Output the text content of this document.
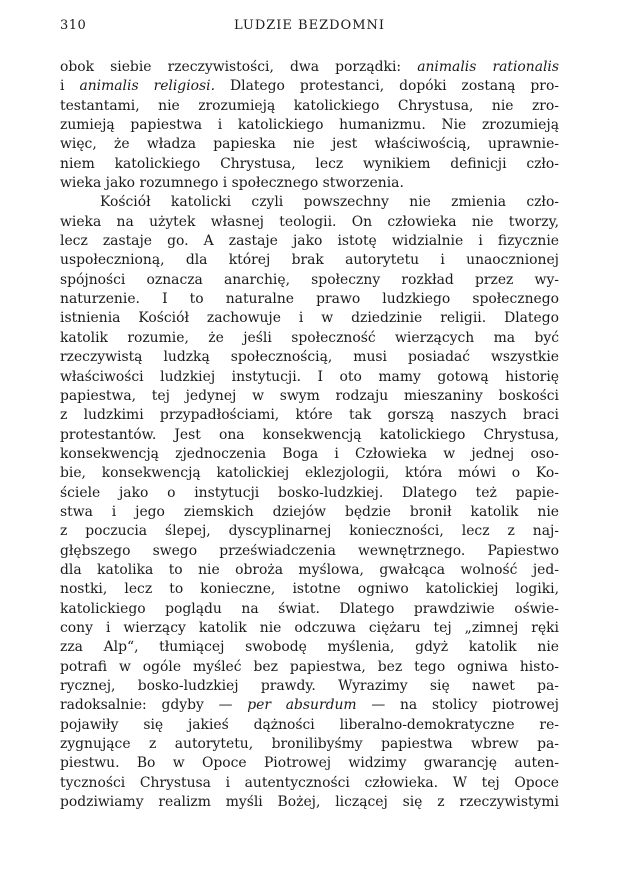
310	LUDZIE BEZDOMNI
obok siebie rzeczywistości, dwa porządki: animalis rationalis
i animalis religiosi. Dlatego protestanci, dopóki zostaną pro-
testantami, nie zrozumieją katolickiego Chrystusa, nie zro-
zumieją papiestwa i katolickiego humanizmu. Nie zrozumieją
więc, że władza papieska nie jest właściwością, uprawnie-
niem katolickiego Chrystusa, lecz wynikiem definicji czło-
wieka jako rozumnego i społecznego stworzenia.
Kościół katolicki czyli powszechny nie zmienia czło-
wieka na użytek własnej teologii. On człowieka nie tworzy,
lecz zastaje go. A zastaje jako istotę widzialnie i fizycznie
uspołecznioną, dla której brak autorytetu i unaocznionej
spójności oznacza anarchię, społeczny rozkład przez wy-
naturzenie. I to naturalne prawo ludzkiego społecznego
istnienia Kościół zachowuje i w dziedzinie religii. Dlatego
katolik rozumie, że jeśli społeczność wierzących ma być
rzeczywistą ludzką społecznością, musi posiadać wszystkie
właściwości ludzkiej instytucji. I oto mamy gotową historię
papiestwa, tej jedynej w swym rodzaju mieszaniny boskości
z ludzkimi przypadłościami, które tak gorszą naszych braci
protestantów. Jest ona konsekwencją katolickiego Chrystusa,
konsekwencją zjednoczenia Boga i Człowieka w jednej oso-
bie, konsekwencją katolickiej eklezjologii, która mówi o Ko-
ściele jako o instytucji bosko-ludzkiej. Dlatego też papie-
stwa i jego ziemskich dziejów będzie bronił katolik nie
z poczucia ślepej, dyscyplinarnej konieczności, lecz z naj-
głębszego swego przeświadczenia wewnętrznego. Papiestwo
dla katolika to nie obroża myślowa, gwałcąca wolność jed-
nostki, lecz to konieczne, istotne ogniwo katolickiej logiki,
katolickiego poglądu na świat. Dlatego prawdziwie oświe-
cony i wierzący katolik nie odczuwa ciężaru tej „zimnej ręki
zza Alp“, tłumiącej swobodę myślenia, gdyż katolik nie
potrafi w ogóle myśleć bez papiestwa, bez tego ogniwa histo-
rycznej, bosko-ludzkiej prawdy. Wyrazimy się nawet pa-
radoksalnie: gdyby — per absurdum — na stolicy piotrowej
pojawiły się jakieś dążności liberalno-demokratyczne re-
zygnujące z autorytetu, bronilibyśmy papiestwa wbrew pa-
piestwu. Bo w Opoce Piotrowej widzimy gwarancję auten-
tyczności Chrystusa i autentyczności człowieka. W tej Opoce
podziwiamy realizm myśli Bożej, liczącej się z rzeczywistymi
